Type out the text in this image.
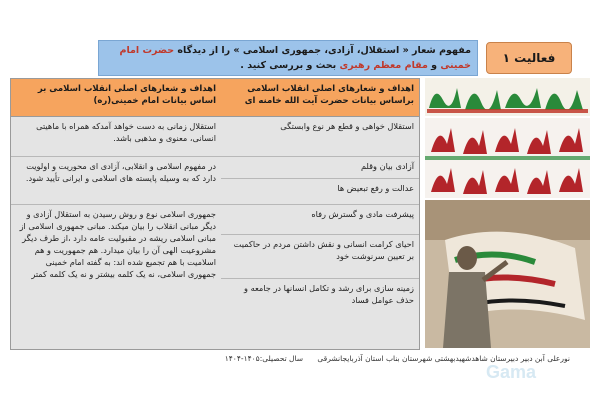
فعالیت ۱
مفهوم شعار « استقلال، آزادی، جمهوری اسلامی » را از دیدگاه حضرت امام خمینی و مقام معظم رهبری بحث و بررسی کنید .
اهداف و شعارهای اصلی انقلاب اسلامی براساس بیانات حضرت آیت الله خامنه ای
اهداف و شعارهای اصلی انقلاب اسلامی بر اساس بیانات امام خمینی(ره)
استقلال خواهی و قطع هر نوع وابستگی
آزادی بیان وقلم
عدالت و رفع تبعیض ها
پیشرفت مادی و گسترش رفاه
احیای کرامت انسانی و نقش داشتن مردم در حاکمیت بر تعیین سرنوشت خود
زمینه سازی برای رشد و تکامل انسانها در جامعه و حذف عوامل فساد
استقلال زمانی به دست خواهد آمدکه همراه با ماهیتی انسانی، معنوی و مذهبی باشد.
در مفهوم اسلامی و انقلابی، آزادی ای محوریت و اولویت دارد که به وسیله پایسته های اسلامی و ایرانی تأیید شود.
جمهوری اسلامی نوع و روش رسیدن به استقلال آزادی و دیگر مبانی انقلاب را بیان میکند. مبانی جمهوری اسلامی از مبانی اسلامی ریشه در مقبولیت عامه دارد ،از طرف دیگر مشروعیت الهی آن را بیان میدارد. هم جمهوریت و هم اسلامیت با هم تجمیع شده اند: به گفته امام خمینی جمهوری اسلامی، نه یک کلمه بیشتر و نه یک کلمه کمتر
نورعلی آبن دبیر دبیرستان شاهدشهیدبهشتی شهرستان بناب استان آذربایجانشرقی      سال تحصیلی:۱۴۰۵-۱۴۰۴
Gama
